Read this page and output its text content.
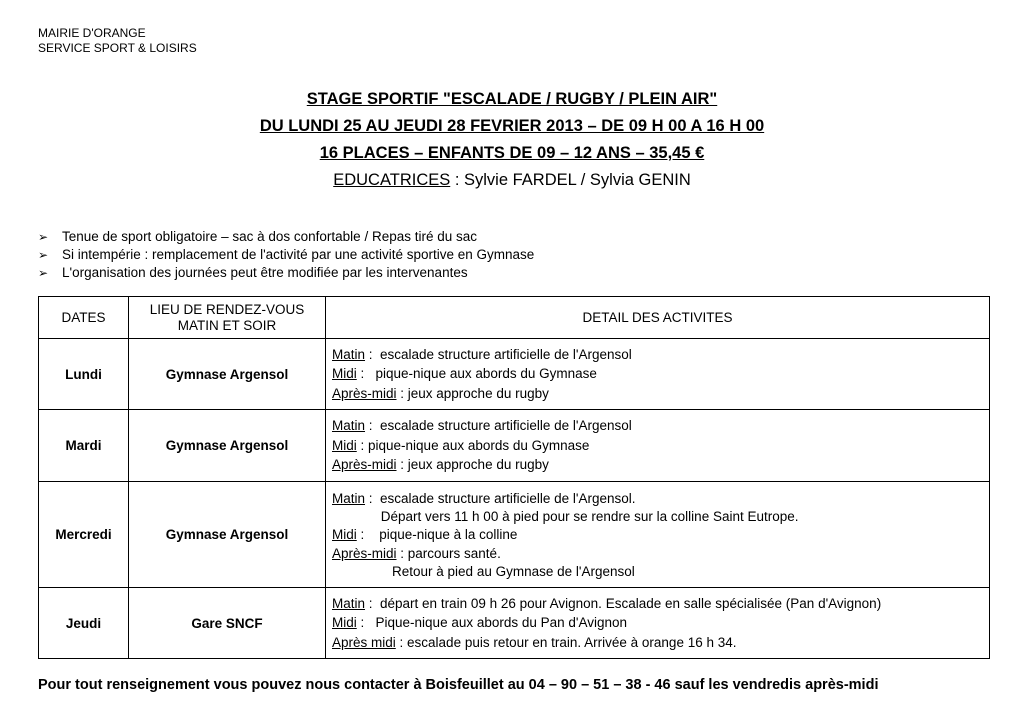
MAIRIE D'ORANGE
SERVICE SPORT & LOISIRS
STAGE SPORTIF "ESCALADE / RUGBY / PLEIN AIR"
DU LUNDI 25 AU JEUDI 28 FEVRIER 2013 – DE 09 H 00 A 16 H 00
16 PLACES – ENFANTS DE 09 – 12 ANS – 35,45 €
EDUCATRICES : Sylvie FARDEL / Sylvia GENIN
➢	Tenue de sport obligatoire – sac à dos confortable / Repas tiré du sac
➢	Si intempérie : remplacement de l'activité par une activité sportive en Gymnase
➢	L'organisation des journées peut être modifiée par les intervenantes
DATES	LIEU DE RENDEZ-VOUS MATIN ET SOIR	DETAIL DES ACTIVITES
Lundi	Gymnase Argensol	Matin :  escalade structure artificielle de l'Argensol
Midi :   pique-nique aux abords du Gymnase
Après-midi : jeux approche du rugby

Mardi	Gymnase Argensol	Matin :  escalade structure artificielle de l'Argensol
Midi : pique-nique aux abords du Gymnase
Après-midi : jeux approche du rugby

Mercredi	Gymnase Argensol	Matin :  escalade structure artificielle de l'Argensol.
Départ vers 11 h 00 à pied pour se rendre sur la colline Saint Eutrope.
Midi :    pique-nique à la colline
Après-midi : parcours santé.
Retour à pied au Gymnase de l'Argensol

Jeudi	Gare SNCF	Matin :  départ en train 09 h 26 pour Avignon. Escalade en salle spécialisée (Pan d'Avignon)
Midi :   Pique-nique aux abords du Pan d'Avignon
Après midi : escalade puis retour en train. Arrivée à orange 16 h 34.
Pour tout renseignement vous pouvez nous contacter à Boisfeuillet au 04 – 90 – 51 – 38 - 46 sauf les vendredis après-midi
